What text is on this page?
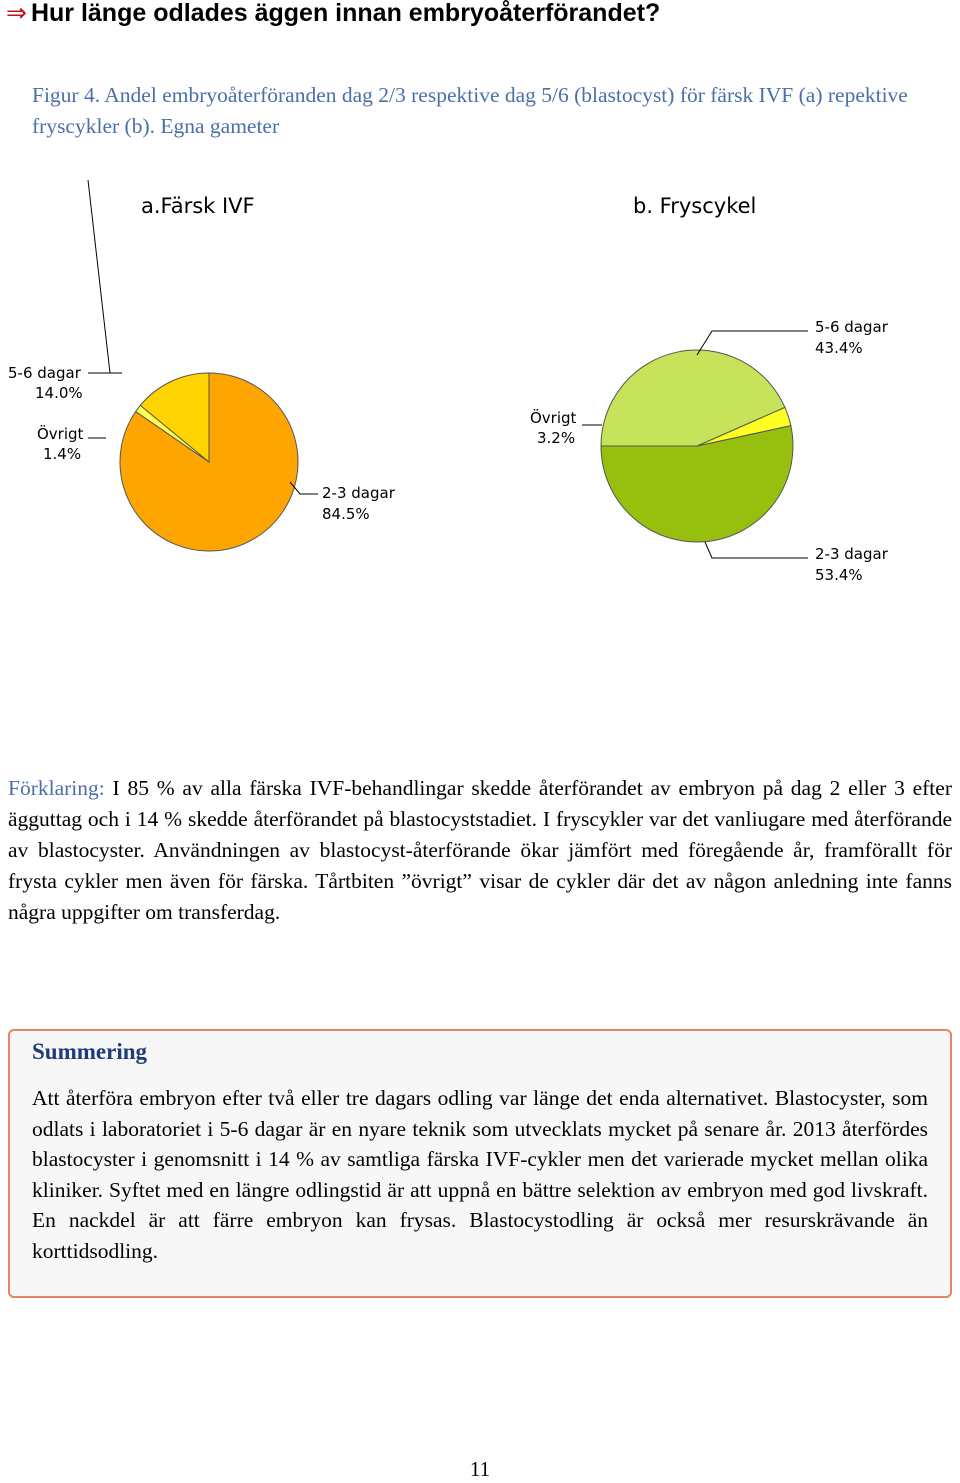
⇒ Hur länge odlades äggen innan embryoåterförandet?
Figur 4. Andel embryoåterföranden dag 2/3 respektive dag 5/6 (blastocyst) för färsk IVF (a) repektive fryscykler (b). Egna gameter
a.Färsk IVF	b. Fryscykel
5-6 dagar
14.0%
Övrigt
1.4%
2-3 dagar
84.5%
5-6 dagar
43.4%
Övrigt
3.2%
2-3 dagar
53.4%
Förklaring: I 85 % av alla färska IVF-behandlingar skedde återförandet av embryon på dag 2 eller 3 efter ägguttag och i 14 % skedde återförandet på blastocyststadiet. I fryscykler var det vanliugare med återförande av blastocyster. Användningen av blastocyst-återförande ökar jämfört med föregående år, framförallt för frysta cykler men även för färska. Tårtbiten ”övrigt” visar de cykler där det av någon anledning inte fanns några uppgifter om transferdag.
Summering
Att återföra embryon efter två eller tre dagars odling var länge det enda alternativet. Blastocyster, som odlats i laboratoriet i 5-6 dagar är en nyare teknik som utvecklats mycket på senare år. 2013 återfördes blastocyster i genomsnitt i 14 % av samtliga färska IVF-cykler men det varierade mycket mellan olika kliniker. Syftet med en längre odlingstid är att uppnå en bättre selektion av embryon med god livskraft. En nackdel är att färre embryon kan frysas. Blastocystodling är också mer resurskrävande än korttidsodling.
11
